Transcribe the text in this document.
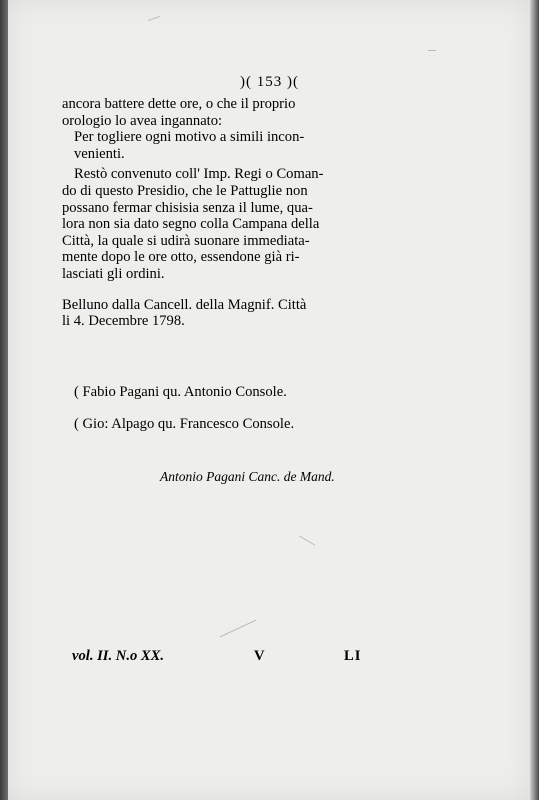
)( 153 )(

ancora battere dette ore, o che il proprio
orologio lo avea ingannato:

Per togliere ogni motivo a simili incon-
venienti.

Restò convenuto coll' Imp. Regi o Coman-
do di questo Presidio, che le Pattuglie non
possano fermar chisisia senza il lume, qua-
lora non sia dato segno colla Campana della
Città, la quale si udirà suonare immediata-
mente dopo le ore otto, essendone già ri-
lasciati gli ordini.

Belluno dalla Cancell. della Magnif. Città
li 4. Decembre 1798.

( Fabio Pagani qu. Antonio Console.
( Gio: Alpago qu. Francesco Console.
Antonio Pagani Canc. de Mand.
vol. II. N.o XX.	V	LI
